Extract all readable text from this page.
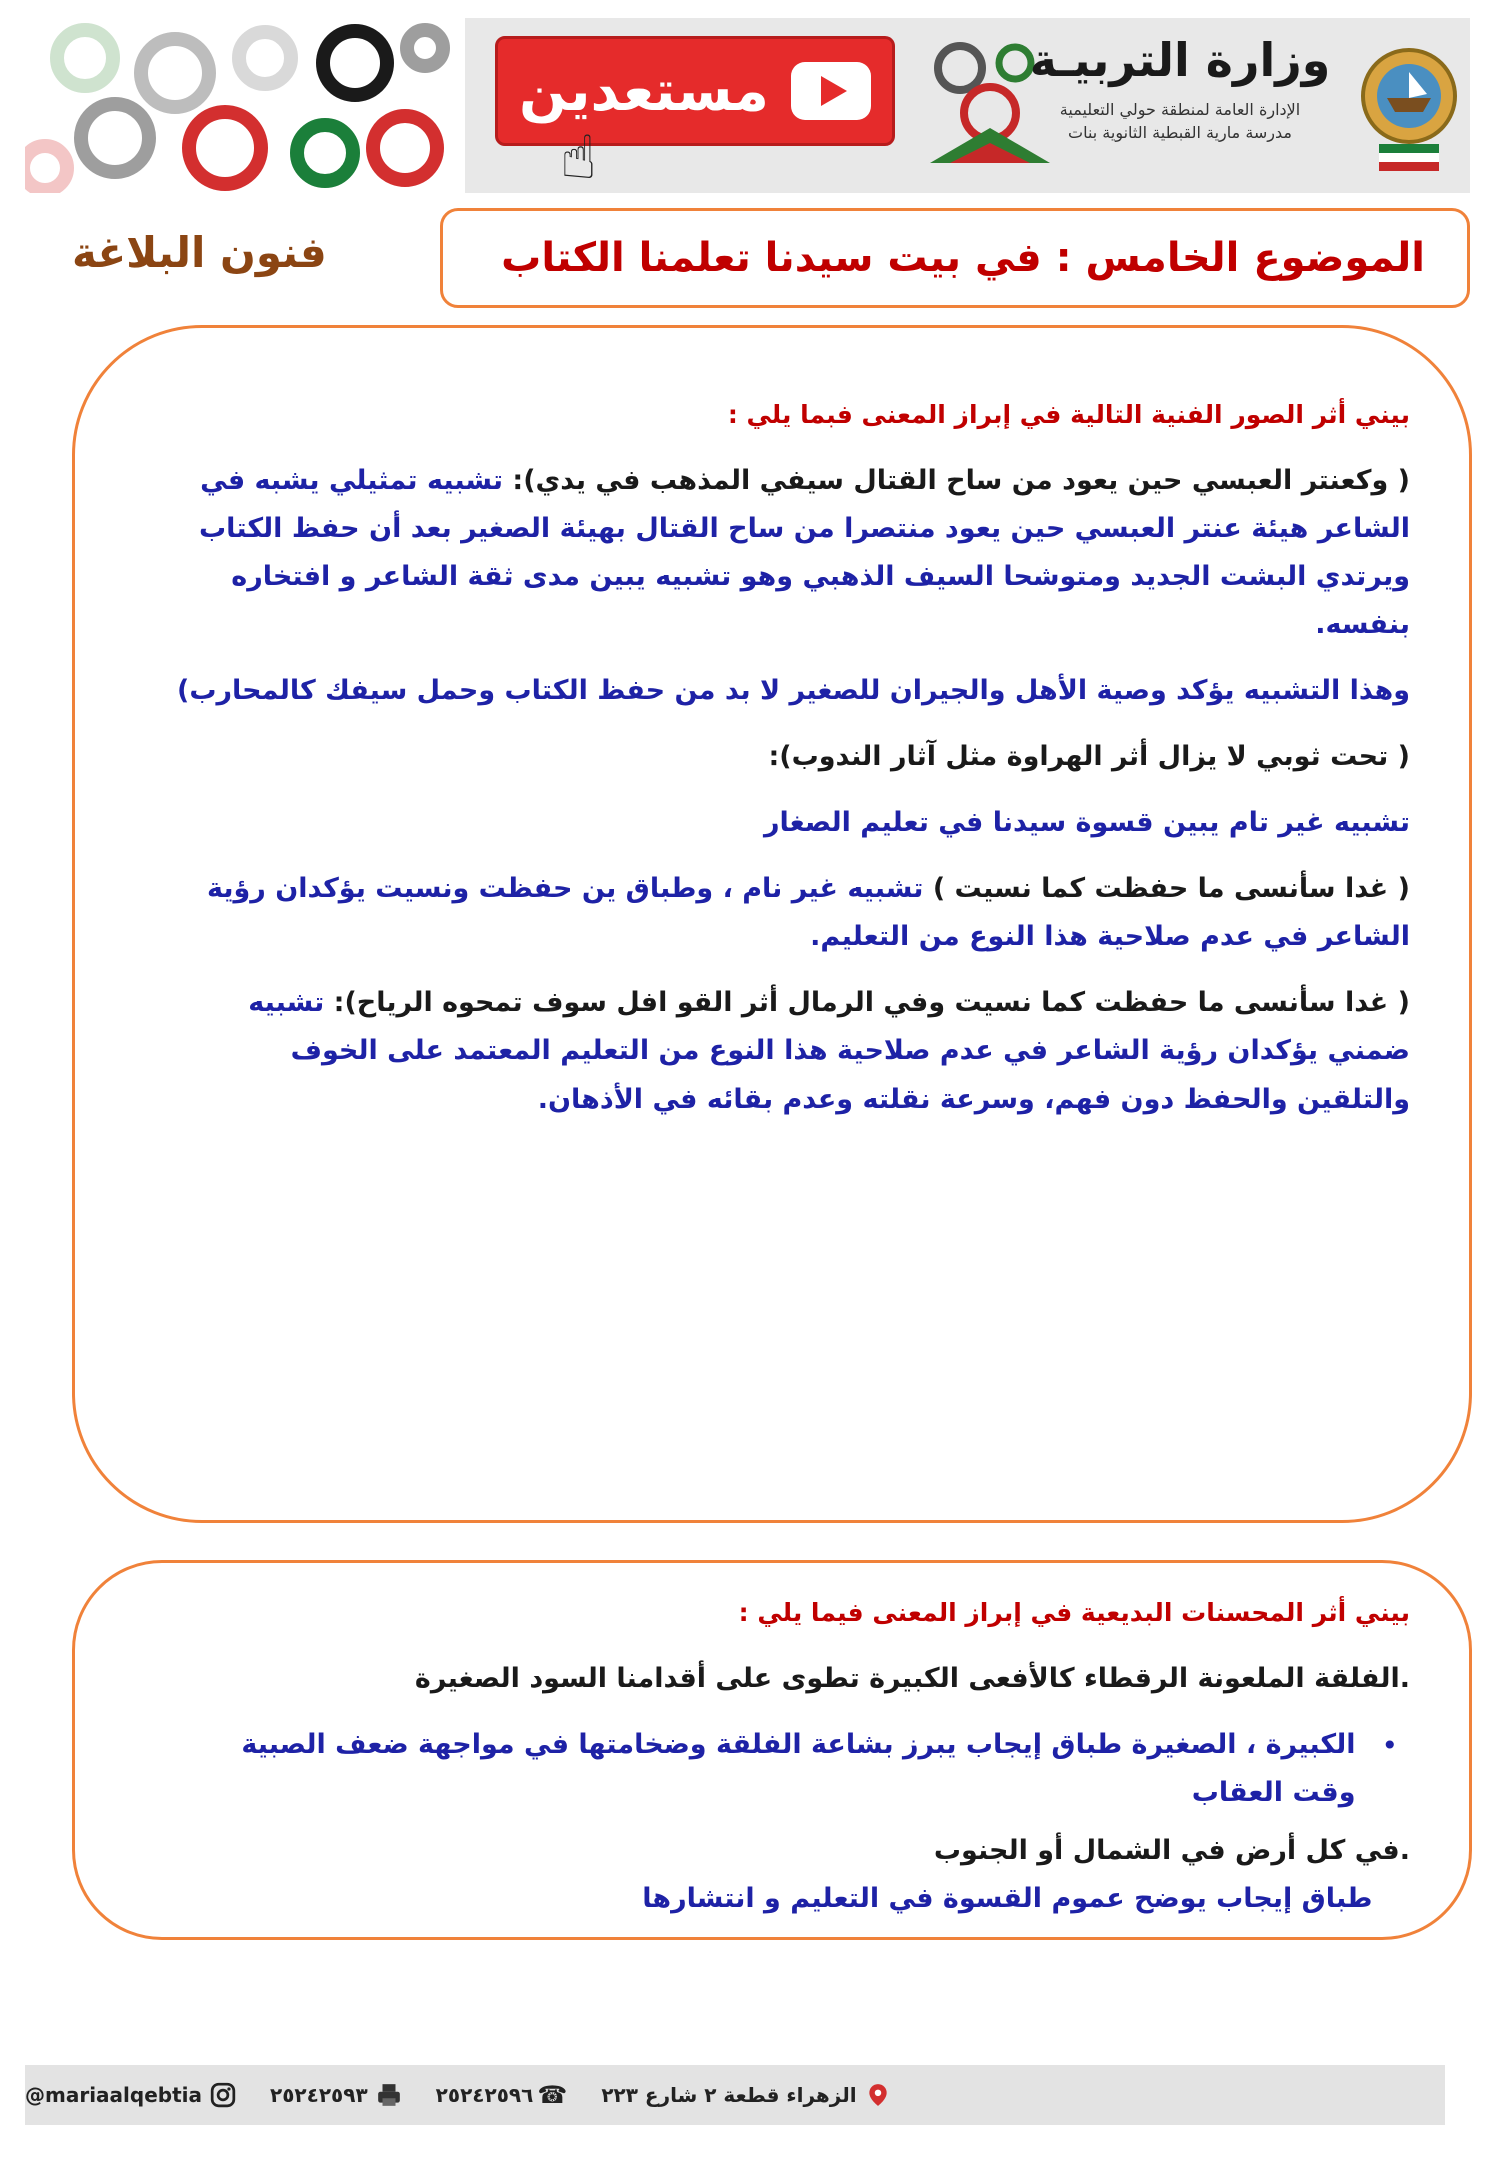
مستعدين
☝
وزارة التربيـة
الإدارة العامة لمنطقة حولي التعليمية
مدرسة مارية القبطية الثانوية بنات
الموضوع الخامس : في بيت سيدنا تعلمنا الكتاب
فنون البلاغة
بيني أثر الصور الفنية التالية في إبراز المعنى فبما يلي :

( وكعنتر العبسي حين يعود من ساح القتال سيفي المذهب في يدي): تشبيه تمثيلي يشبه في الشاعر هيئة عنتر العبسي حين يعود منتصرا من ساح القتال بهيئة الصغير بعد أن حفظ الكتاب ويرتدي البشت الجديد ومتوشحا السيف الذهبي وهو تشبيه يبين مدى ثقة الشاعر و افتخاره بنفسه.

وهذا التشبيه يؤكد وصية الأهل والجيران للصغير لا بد من حفظ الكتاب وحمل سيفك كالمحارب)

( تحت ثوبي لا يزال أثر الهراوة مثل آثار الندوب):

تشبيه غير تام يبين قسوة سيدنا في تعليم الصغار

( غدا سأنسى ما حفظت كما نسيت ) تشبيه غير نام ، وطباق ين حفظت ونسيت يؤكدان رؤية الشاعر في عدم صلاحية هذا النوع من التعليم.

( غدا سأنسى ما حفظت كما نسيت وفي الرمال أثر القو افل سوف تمحوه الرياح): تشبيه ضمني يؤكدان رؤية الشاعر في عدم صلاحية هذا النوع من التعليم المعتمد على الخوف والتلقين والحفظ دون فهم، وسرعة نقلته وعدم بقائه في الأذهان.

بيني أثر المحسنات البديعية في إبراز المعنى فيما يلي :

.الفلقة الملعونة الرقطاء كالأفعى الكبيرة تطوى على أقدامنا السود الصغيرة

•

الكبيرة ، الصغيرة طباق إيجاب يبرز بشاعة الفلقة وضخامتها في مواجهة ضعف الصبية وقت العقاب

.في كل أرض في الشمال أو الجنوب    طباق إيجاب يوضح عموم القسوة في التعليم و انتشارها

الزهراء قطعة ٢ شارع ٢٢٣
☎
٢٥٢٤٢٥٩٦
٢٥٢٤٢٥٩٣
@mariaalqebtia
